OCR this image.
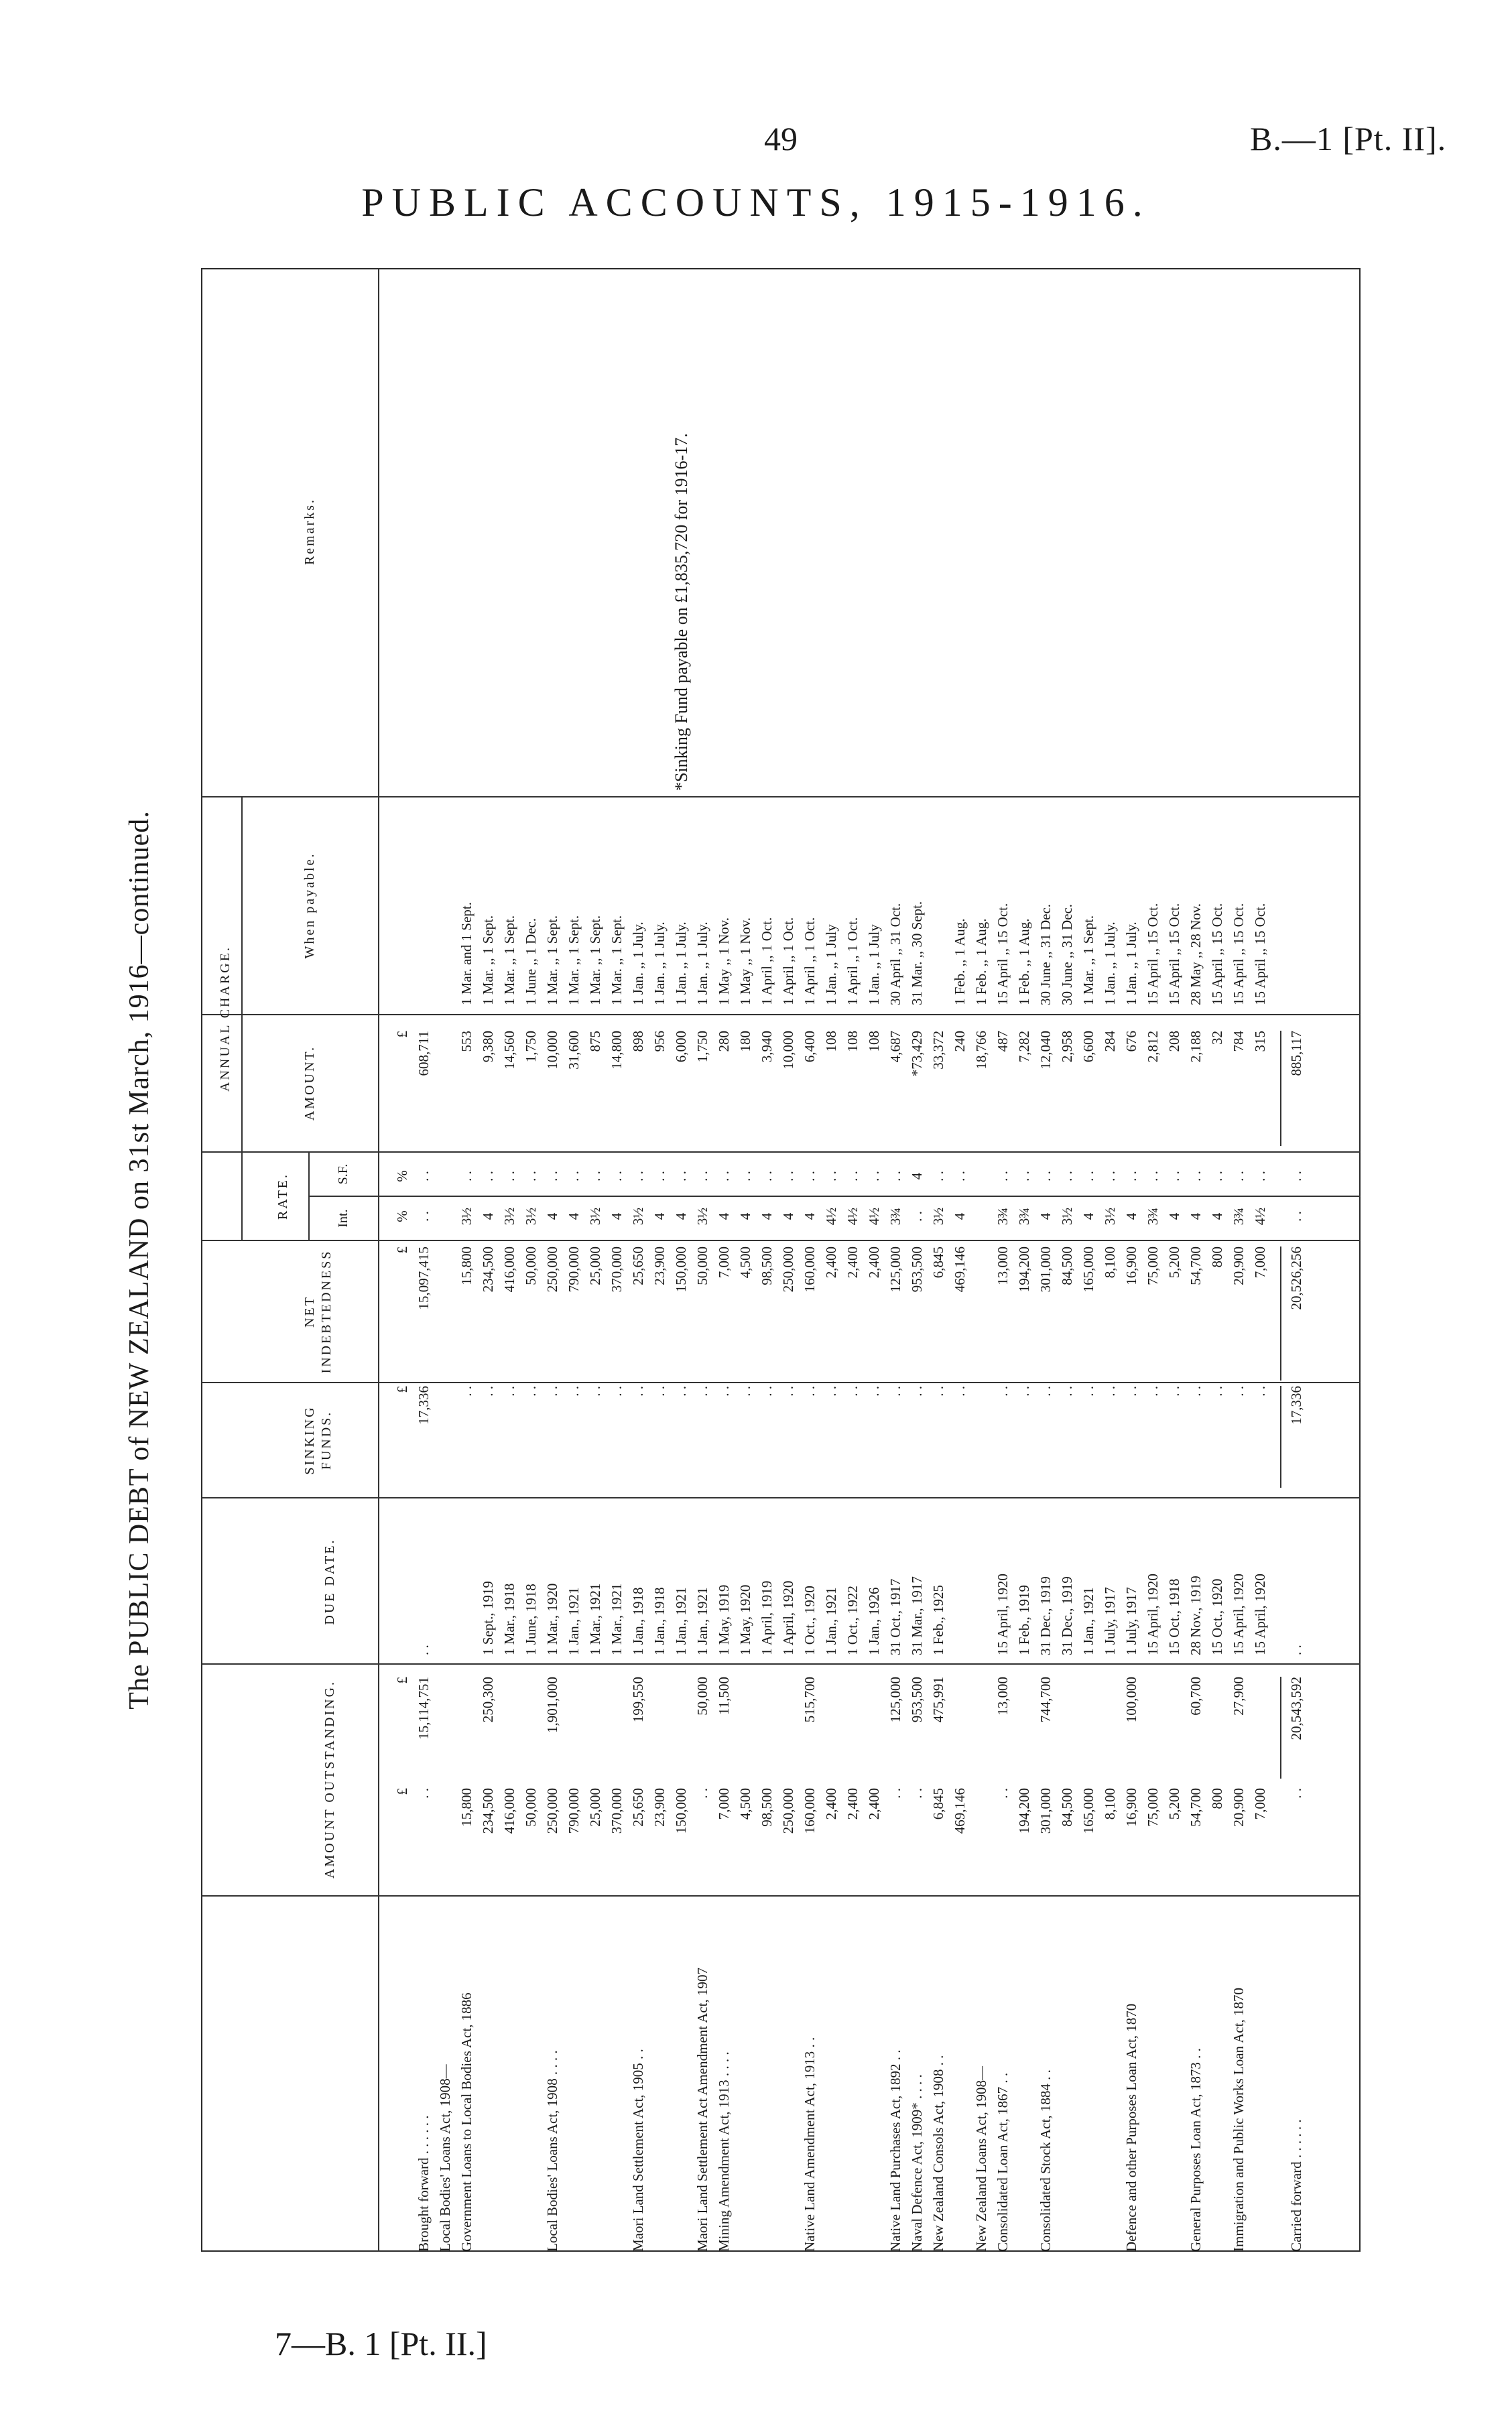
49	B.—1 [Pt. II].
PUBLIC ACCOUNTS, 1915-1916.
The PUBLIC DEBT of NEW ZEALAND on 31st March, 1916—continued.
AMOUNT OUTSTANDING.
DUE DATE.
SINKING FUNDS.
NET INDEBTEDNESS
ANNUAL CHARGE.
RATE.	Int.
S.F.
AMOUNT.
When payable.
Remarks.
£
£
£
£
%
%
£
Brought forward . . . . . .
. .
15,114,751
. .
17,336
15,097,415
. .
. .
608,711
Local Bodies' Loans Act, 1908— Government Loans to Local Bodies Act, 1886
15,800
. .
15,800
3½
. .
553
1 Mar. and 1 Sept.
234,500
250,300
1 Sept., 1919
. .
234,500
4
. .
9,380
1 Mar. ,, 1 Sept.
416,000
1 Mar., 1918
. .
416,000
3½
. .
14,560
1 Mar. ,, 1 Sept.
50,000
1 June, 1918
. .
50,000
3½
. .
1,750
1 June ,, 1 Dec.
Local Bodies' Loans Act, 1908 . . . .
250,000
1,901,000
1 Mar., 1920
. .
250,000
4
. .
10,000
1 Mar. ,, 1 Sept.
790,000
1 Jan., 1921
. .
790,000
4
. .
31,600
1 Mar. ,, 1 Sept.
25,000
1 Mar., 1921
. .
25,000
3½
. .
875
1 Mar. ,, 1 Sept.
370,000
1 Mar., 1921
. .
370,000
4
. .
14,800
1 Mar. ,, 1 Sept.
Maori Land Settlement Act, 1905 . .
25,650
199,550
1 Jan., 1918
. .
25,650
3½
. .
898
1 Jan. ,, 1 July.
23,900
1 Jan., 1918
. .
23,900
4
. .
956
1 Jan. ,, 1 July.
150,000
1 Jan., 1921
. .
150,000
4
. .
6,000
1 Jan. ,, 1 July.
Maori Land Settlement Act Amendment Act, 1907
. .
50,000
1 Jan., 1921
. .
50,000
3½
. .
1,750
1 Jan. ,, 1 July.
Mining Amendment Act, 1913 . . . .
7,000
11,500
1 May, 1919
. .
7,000
4
. .
280
1 May ,, 1 Nov.
4,500
1 May, 1920
. .
4,500
4
. .
180
1 May ,, 1 Nov.
98,500
1 April, 1919
. .
98,500
4
. .
3,940
1 April ,, 1 Oct.
250,000
1 April, 1920
. .
250,000
4
. .
10,000
1 April ,, 1 Oct.
Native Land Amendment Act, 1913 . .
160,000
515,700
1 Oct., 1920
. .
160,000
4
. .
6,400
1 April ,, 1 Oct.
2,400
1 Jan., 1921
. .
2,400
4½
. .
108
1 Jan. ,, 1 July
2,400
1 Oct., 1922
. .
2,400
4½
. .
108
1 April ,, 1 Oct.
2,400
1 Jan., 1926
. .
2,400
4½
. .
108
1 Jan. ,, 1 July
Native Land Purchases Act, 1892 . .
. .
125,000
31 Oct., 1917
. .
125,000
3¾
. .
4,687
30 April ,, 31 Oct.
Naval Defence Act, 1909* . . . .
. .
953,500
31 Mar., 1917
. .
953,500
. .
4
*73,429
31 Mar. ,, 30 Sept.
New Zealand Consols Act, 1908 . .
6,845
475,991
1 Feb., 1925
. .
6,845
3½
. .
33,372
469,146
. .
469,146
4
. .
240
1 Feb. ,, 1 Aug.
New Zealand Loans Act, 1908—
18,766
1 Feb. ,, 1 Aug.
Consolidated Loan Act, 1867 . .
. .
13,000
15 April, 1920
. .
13,000
3¾
. .
487
15 April ,, 15 Oct.
194,200
1 Feb., 1919
. .
194,200
3¾
. .
7,282
1 Feb. ,, 1 Aug.
Consolidated Stock Act, 1884 . .
301,000
744,700
31 Dec., 1919
. .
301,000
4
. .
12,040
30 June ,, 31 Dec.
84,500
31 Dec., 1919
. .
84,500
3½
. .
2,958
30 June ,, 31 Dec.
165,000
1 Jan., 1921
. .
165,000
4
. .
6,600
1 Mar. ,, 1 Sept.
8,100
1 July, 1917
. .
8,100
3½
. .
284
1 Jan. ,, 1 July.
Defence and other Purposes Loan Act, 1870
16,900
100,000
1 July, 1917
. .
16,900
4
. .
676
1 Jan. ,, 1 July.
75,000
15 April, 1920
. .
75,000
3¾
. .
2,812
15 April ,, 15 Oct.
5,200
15 Oct., 1918
. .
5,200
4
. .
208
15 April ,, 15 Oct.
General Purposes Loan Act, 1873 . .
54,700
60,700
28 Nov., 1919
. .
54,700
4
. .
2,188
28 May ,, 28 Nov.
800
15 Oct., 1920
. .
800
4
. .
32
15 April ,, 15 Oct.
Immigration and Public Works Loan Act, 1870
20,900
27,900
15 April, 1920
. .
20,900
3¾
. .
784
15 April ,, 15 Oct.
7,000
15 April, 1920
. .
7,000
4½
. .
315
15 April ,, 15 Oct.
Carried forward . . . . . .
. .
20,543,592
. .
17,336
20,526,256
. .
. .
885,117
*Sinking Fund payable on £1,835,720 for 1916-17.
7—B. 1 [Pt. II.]
